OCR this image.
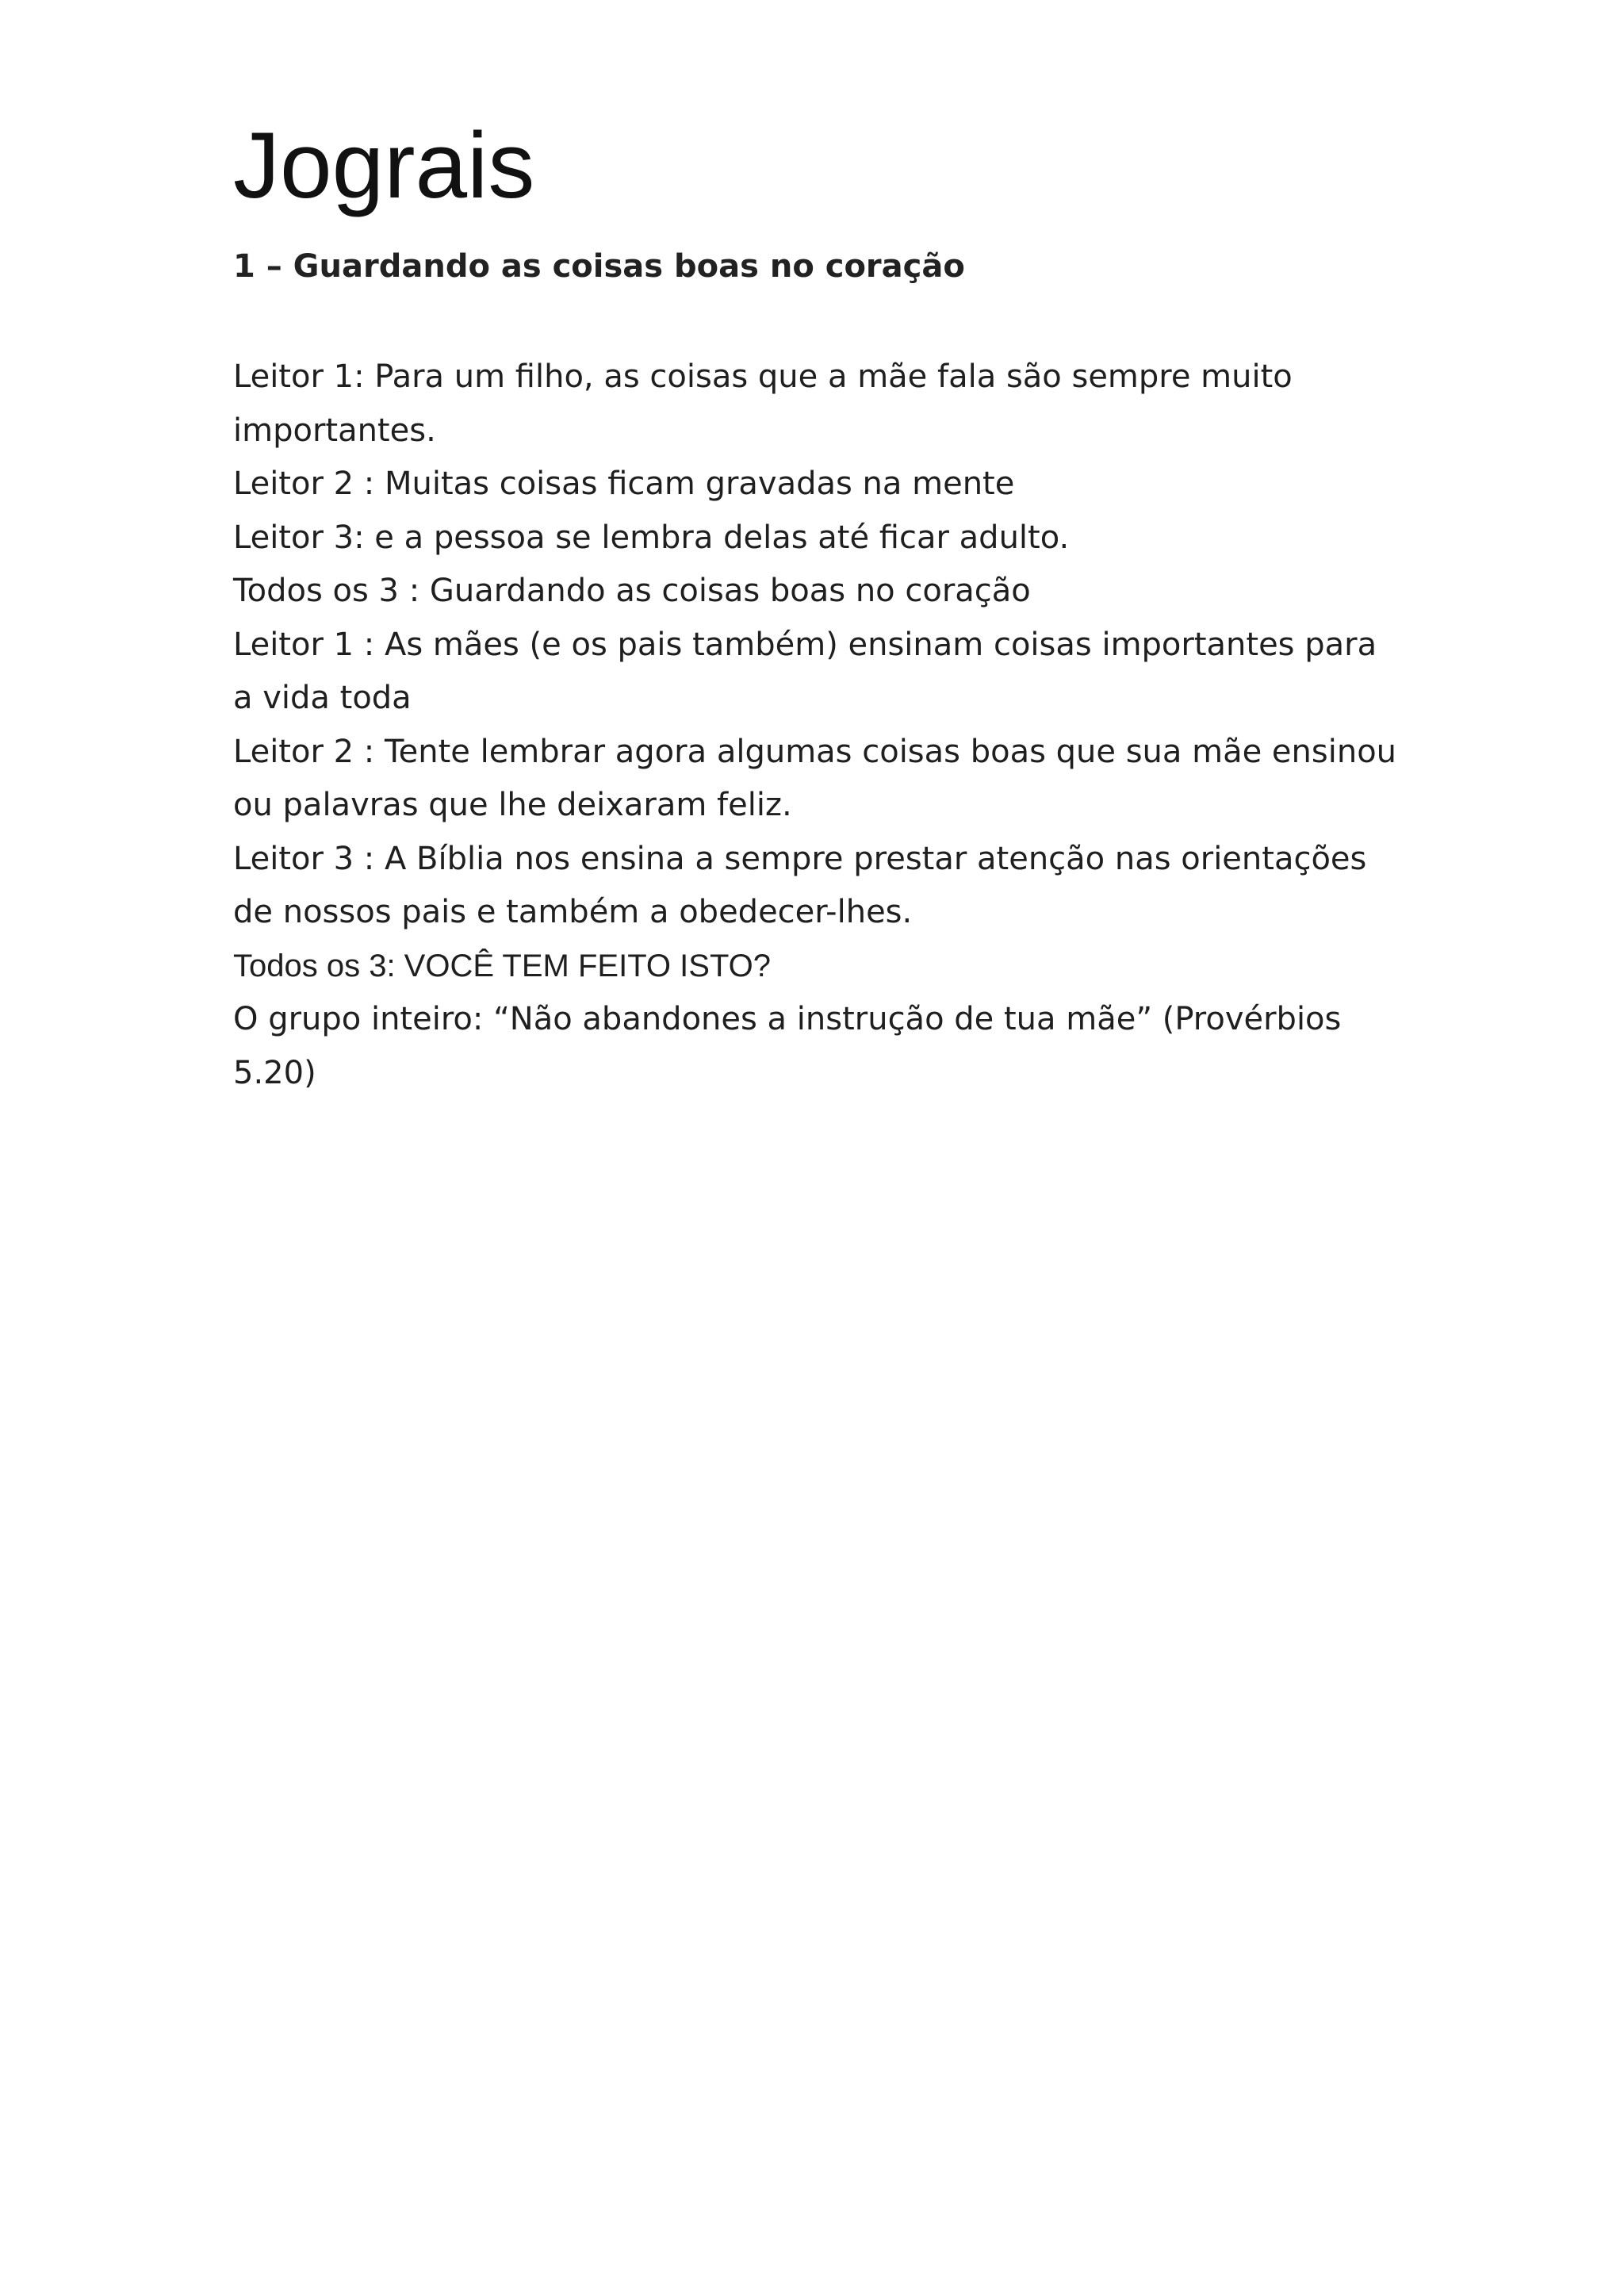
Jograis
1 – Guardando as coisas boas no coração

Leitor 1: Para um filho, as coisas que a mãe fala são sempre muito importantes.

Leitor 2 : Muitas coisas ficam gravadas na mente

Leitor 3: e a pessoa se lembra delas até ficar adulto.

Todos os 3 : Guardando as coisas boas no coração

Leitor 1 : As mães (e os pais também) ensinam coisas importantes para a vida toda

Leitor 2 : Tente lembrar agora algumas coisas boas que sua mãe ensinou ou palavras que lhe deixaram feliz.

Leitor 3 : A Bíblia nos ensina a sempre prestar atenção nas orientações de nossos pais e também a obedecer-lhes.

Todos os 3: VOCÊ TEM FEITO ISTO?

O grupo inteiro: “Não abandones a instrução de tua mãe” (Provérbios 5.20)
